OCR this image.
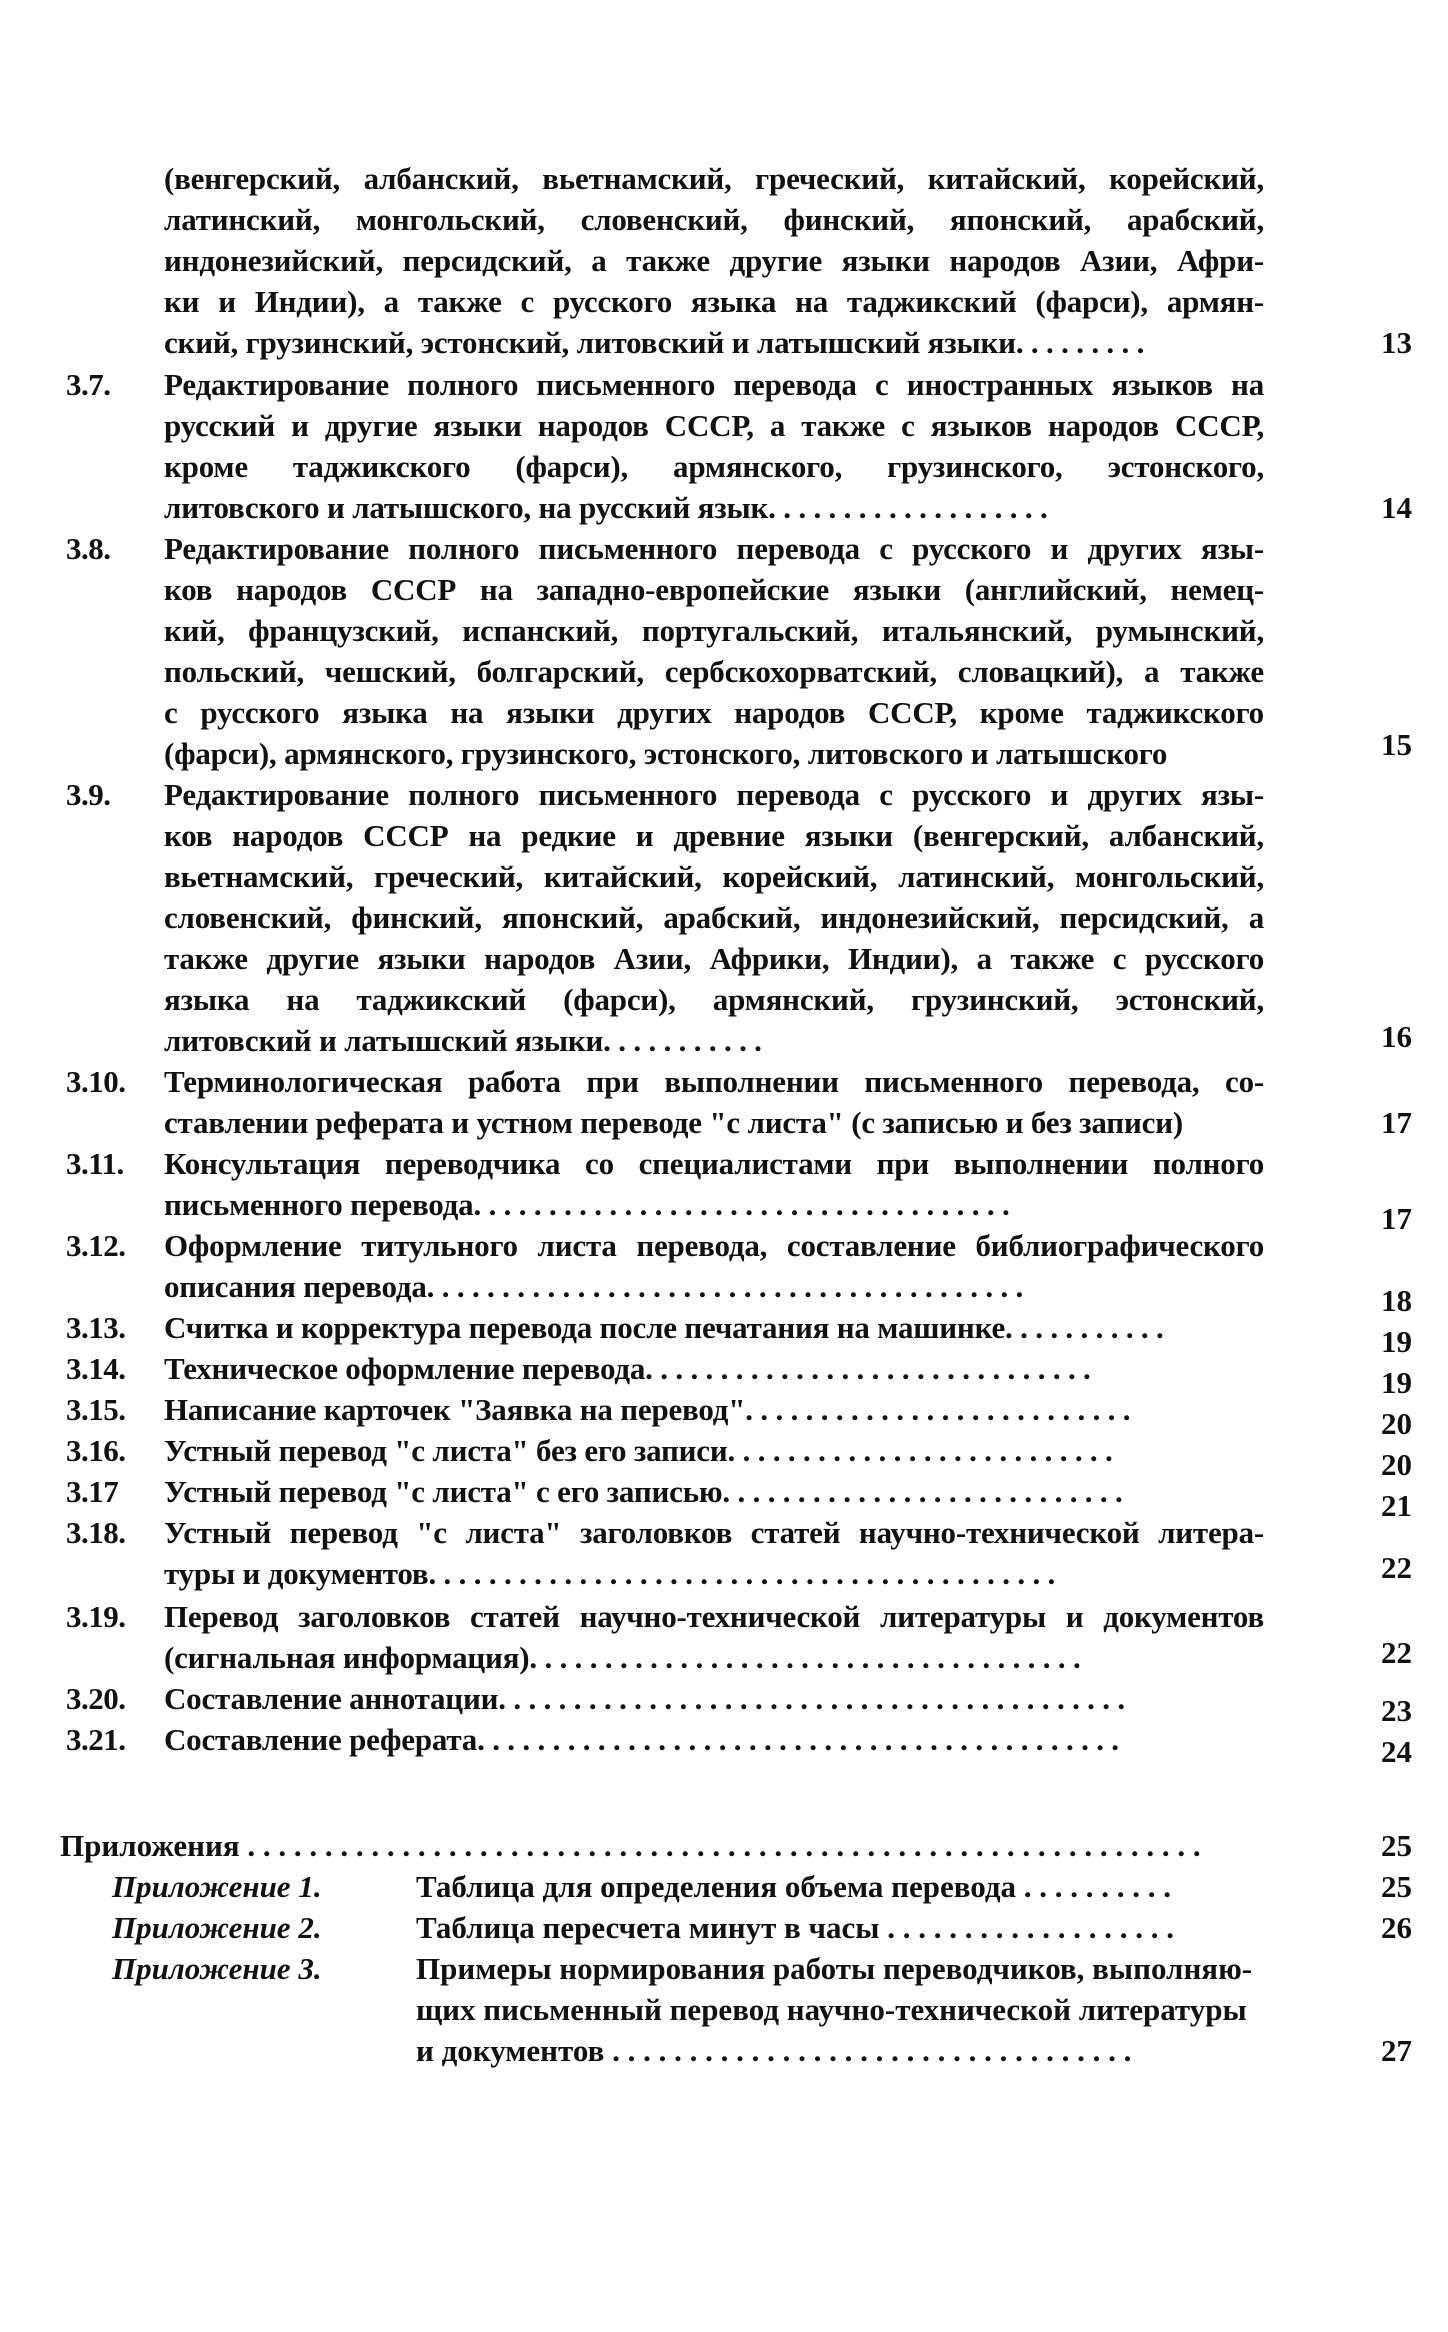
(венгерский, албанский, вьетнамский, греческий, китайский, корейский,
латинский, монгольский, словенский, финский, японский, арабский,
индонезийский, персидский, а также другие языки народов Азии, Афри-
ки и Индии), а также с русского языка на таджикский (фарси), армян-
ский, грузинский, эстонский, литовский и латышский языки. . . . . . . . .	13
3.7. Редактирование полного письменного перевода с иностранных языков на
русский и другие языки народов СССР, а также с языков народов СССР,
кроме таджикского (фарси), армянского, грузинского, эстонского,
литовского и латышского, на русский язык. . . . . . . . . . . . . . . . . . .	14
3.8. Редактирование полного письменного перевода с русского и других язы-
ков народов СССР на западно-европейские языки (английский, немец-
кий, французский, испанский, португальский, итальянский, румынский,
польский, чешский, болгарский, сербскохорватский, словацкий), а также
с русского языка на языки других народов СССР, кроме таджикского
(фарси), армянского, грузинского, эстонского, литовского и латышского	15
3.9. Редактирование полного письменного перевода с русского и других язы-
ков народов СССР на редкие и древние языки (венгерский, албанский,
вьетнамский, греческий, китайский, корейский, латинский, монгольский,
словенский, финский, японский, арабский, индонезийский, персидский, а
также другие языки народов Азии, Африки, Индии), а также с русского
языка на таджикский (фарси), армянский, грузинский, эстонский,
литовский и латышский языки. . . . . . . . . . .	16
3.10. Терминологическая работа при выполнении письменного перевода, со-
ставлении реферата и устном переводе "с листа" (с записью и без записи)	17
3.11. Консультация переводчика со специалистами при выполнении полного
письменного перевода. . . . . . . . . . . . . . . . . . . . . . . . . . . . . . . . . . . .	17
3.12. Оформление титульного листа перевода, составление библиографического
описания перевода. . . . . . . . . . . . . . . . . . . . . . . . . . . . . . . . . . . . . . . .	18
3.13. Считка и корректура перевода после печатания на машинке. . . . . . . . . . .	19
3.14. Техническое оформление перевода. . . . . . . . . . . . . . . . . . . . . . . . . . . . . .	19
3.15. Написание карточек "Заявка на перевод". . . . . . . . . . . . . . . . . . . . . . . . . .	20
3.16. Устный перевод "с листа" без его записи. . . . . . . . . . . . . . . . . . . . . . . . . .	20
3.17 Устный перевод "с листа" с его записью. . . . . . . . . . . . . . . . . . . . . . . . . . .	21
3.18. Устный перевод "с листа" заголовков статей научно-технической литера-
туры и документов. . . . . . . . . . . . . . . . . . . . . . . . . . . . . . . . . . . . . . . . . .	22
3.19. Перевод заголовков статей научно-технической литературы и документов
(сигнальная информация). . . . . . . . . . . . . . . . . . . . . . . . . . . . . . . . . . . . .	22
3.20. Составление аннотации. . . . . . . . . . . . . . . . . . . . . . . . . . . . . . . . . . . . . . . . . .	23
3.21. Составление реферата. . . . . . . . . . . . . . . . . . . . . . . . . . . . . . . . . . . . . . . . . . .	24
Приложения . . . . . . . . . . . . . . . . . . . . . . . . . . . . . . . . . . . . . . . . . . . . . . . . . . . . . . . . . . . . . .	25
Приложение 1.	Таблица для определения объема перевода . . . . . . . . . .	25
Приложение 2.	Таблица пересчета минут в часы . . . . . . . . . . . . . . . . . . .	26
Приложение 3.	Примеры нормирования работы переводчиков, выполняю-
щих письменный перевод научно-технической литературы
и документов . . . . . . . . . . . . . . . . . . . . . . . . . . . . . . . . . .	27
